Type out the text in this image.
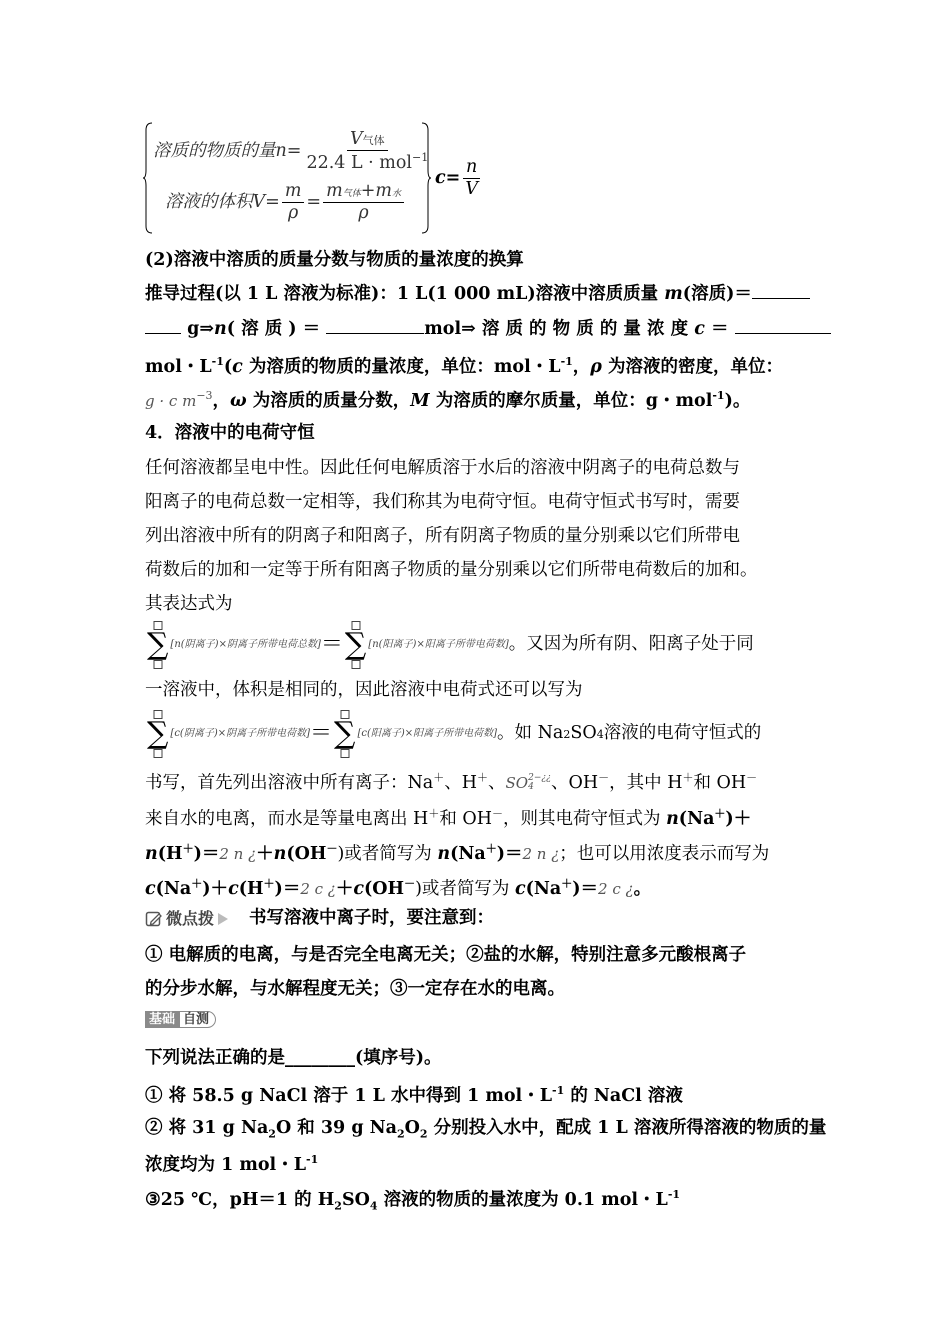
溶质的物质的量 $n= \frac{\text{V气体}}{22.4 L \cdot mol^{-1}}$
溶液的体积 $V= \frac{m}{\rho} = \frac{\text{m气体+m水}}{\rho}$
$c= \frac{n}{V}$
(2)溶液中溶质的质量分数与物质的量浓度的换算
推导过程(以 1 L 溶液为标准)：1 L(1 000 mL)溶液中溶质质量 m(溶质)＝
g⇒n( 溶 质 ) ＝	mol⇒ 溶 质 的 物 质 的 量 浓 度 c ＝
mol・$L^{-1}(c$ 为溶质的物质的量浓度，单位：mol・$L^{-1}$，ρ 为溶液的密度，单位：
g · c $m^{-3}$，ω 为溶质的质量分数，M 为溶质的摩尔质量，单位：g・mol$^{-1}$)。
4．溶液中的电荷守恒
任何溶液都呈电中性。因此任何电解质溶于水后的溶液中阴离子的电荷总数与
阳离子的电荷总数一定相等，我们称其为电荷守恒。电荷守恒式书写时，需要
列出溶液中所有的阴离子和阳离子，所有阴离子物质的量分别乘以它们所带电
荷数后的加和一定等于所有阳离子物质的量分别乘以它们所带电荷数后的加和。
其表达式为
∑ [n(阴离子)×阴离子所带电荷总数] ＝ ∑ [n(阳离子)×阳离子所带电荷数] 。又因为所有阴、阳离子处于同
一溶液中，体积是相同的，因此溶液中电荷式还可以写为
∑ [c(阴离子)×阴离子所带电荷数] ＝ ∑ [c(阳离子)×阳离子所带电荷数] 。如 Na 2 SO 4 溶液的电荷守恒式的
书写，首先列出溶液中所有离子：Na＋、H＋、SO 2−¿¿
4 、OH－，其中 H＋和 OH－
来自水的电离，而水是等量电离出 H＋和 OH－，则其电荷守恒式为 n(Na＋)＋
n(H＋)＝2 n ¿＋n(OH－)或者简写为 n(Na＋)＝2 n ¿；也可以用浓度表示而写为
c(Na＋)＋c(H＋)＝2 c ¿＋c(OH－)或者简写为 c(Na＋)＝2 c ¿。
微点拨 书写溶液中离子时，要注意到：
① 电解质的电离，与是否完全电离无关；②盐的水解，特别注意多元酸根离子
的分步水解，与水解程度无关；③一定存在水的电离。
基础 自测
下列说法正确的是________(填序号)。
① 将 58.5 g NaCl 溶于 1 L 水中得到 1 mol・$L^{-1}$ 的 NaCl 溶液
② 将 31 g $Na_2O$ 和 39 g $Na_2O_2$ 分别投入水中，配成 1 L 溶液所得溶液的物质的量
浓度均为 1 mol・$L^{-1}$
③25 ℃，pH＝1 的 $H_2SO_4$ 溶液的物质的量浓度为 0.1 mol・$L^{-1}$
